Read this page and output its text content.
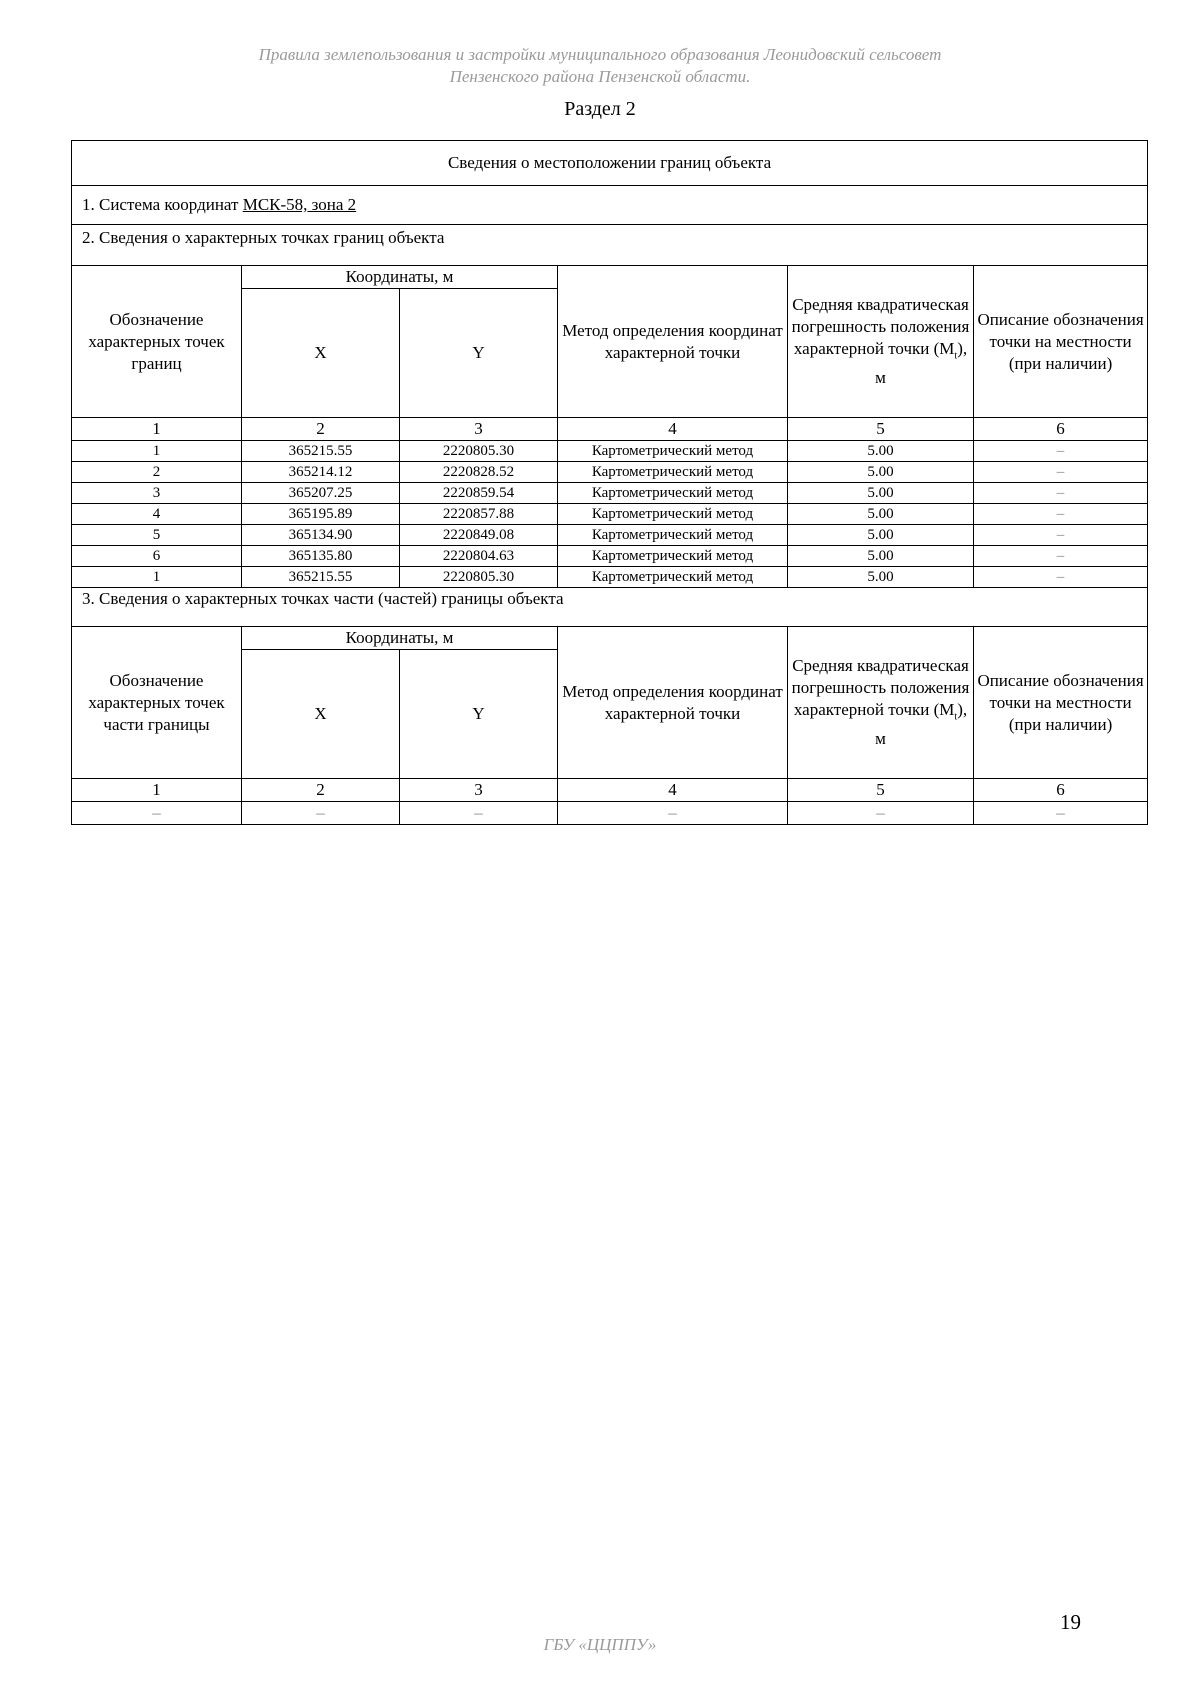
Правила землепользования и застройки муниципального образования Леонидовский сельсовет
Пензенского района Пензенской области.
Раздел 2
Сведения о местоположении границ объекта					
1. Система координат МСК-58, зона 2					
2. Сведения о характерных точках границ объекта					
Обозначение характерных точек границ	Координаты, м		Метод определения координат характерной точки	Средняя квадратическая погрешность положения характерной точки $(M_t)$, м	Описание обозначения точки на местности (при наличии)
	X	Y			
1	2	3	4	5	6
1	365215.55	2220805.30	Картометрический метод	5.00	–
2	365214.12	2220828.52	Картометрический метод	5.00	–
3	365207.25	2220859.54	Картометрический метод	5.00	–
4	365195.89	2220857.88	Картометрический метод	5.00	–
5	365134.90	2220849.08	Картометрический метод	5.00	–
6	365135.80	2220804.63	Картометрический метод	5.00	–
1	365215.55	2220805.30	Картометрический метод	5.00	–
3. Сведения о характерных точках части (частей) границы объекта					
Обозначение характерных точек части границы	Координаты, м		Метод определения координат характерной точки	Средняя квадратическая погрешность положения характерной точки $(M_t)$, м	Описание обозначения точки на местности (при наличии)
	X	Y			
1	2	3	4	5	6
–	–	–	–	–	–
19
ГБУ «ЦЦППУ»
